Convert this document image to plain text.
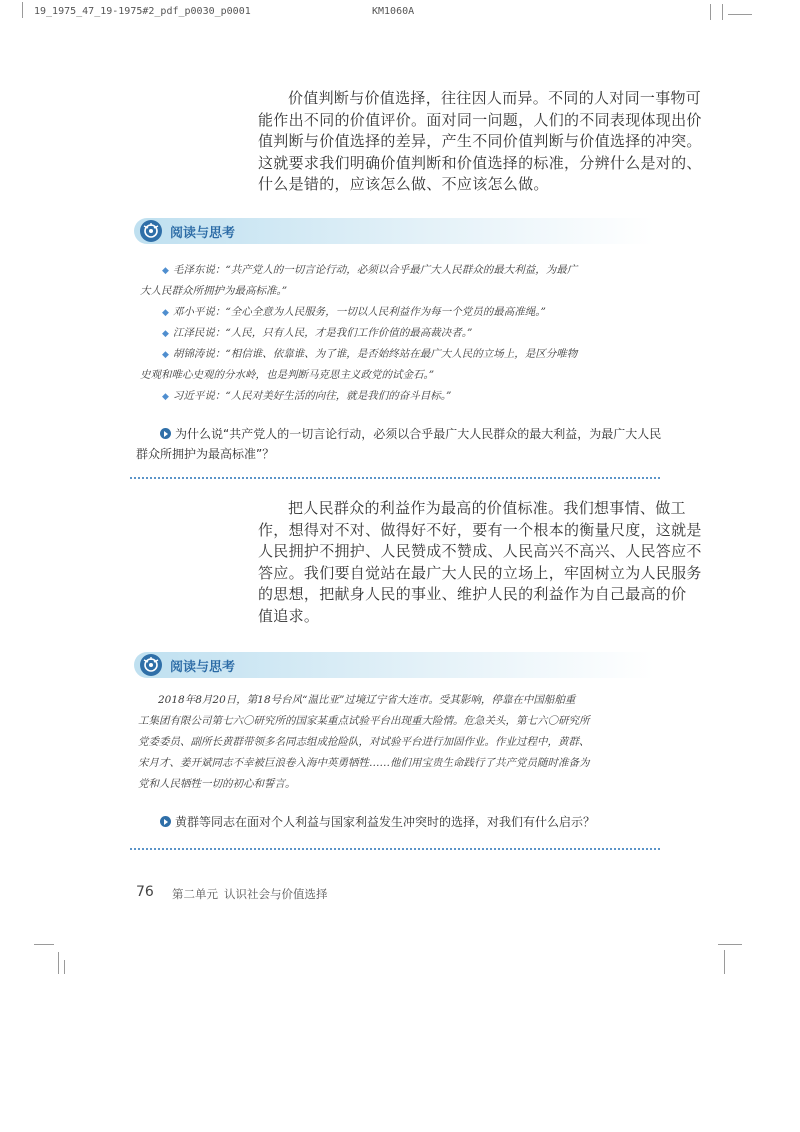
19_1975_47_19-1975#2_pdf_p0030_p0001	KM1060A
价值判断与价值选择，往往因人而异。不同的人对同一事物可
能作出不同的价值评价。面对同一问题，人们的不同表现体现出价
值判断与价值选择的差异，产生不同价值判断与价值选择的冲突。
这就要求我们明确价值判断和价值选择的标准，分辨什么是对的、
什么是错的，应该怎么做、不应该怎么做。
阅读与思考
◆ 毛泽东说：“共产党人的一切言论行动，必须以合乎最广大人民群众的最大利益，为最广
大人民群众所拥护为最高标准。”
◆ 邓小平说：“全心全意为人民服务，一切以人民利益作为每一个党员的最高准绳。”
◆ 江泽民说：“人民，只有人民，才是我们工作价值的最高裁决者。”
◆ 胡锦涛说：“相信谁、依靠谁、为了谁，是否始终站在最广大人民的立场上，是区分唯物
史观和唯心史观的分水岭，也是判断马克思主义政党的试金石。”
◆ 习近平说：“人民对美好生活的向往，就是我们的奋斗目标。”
为什么说“共产党人的一切言论行动，必须以合乎最广大人民群众的最大利益，为最广大人民
群众所拥护为最高标准”？
把人民群众的利益作为最高的价值标准。我们想事情、做工
作，想得对不对、做得好不好，要有一个根本的衡量尺度，这就是
人民拥护不拥护、人民赞成不赞成、人民高兴不高兴、人民答应不
答应。我们要自觉站在最广大人民的立场上，牢固树立为人民服务
的思想，把献身人民的事业、维护人民的利益作为自己最高的价
值追求。
阅读与思考
2018年8月20日，第18号台风“温比亚”过境辽宁省大连市。受其影响，停靠在中国船舶重
工集团有限公司第七六〇研究所的国家某重点试验平台出现重大险情。危急关头，第七六〇研究所
党委委员、副所长黄群带领多名同志组成抢险队，对试验平台进行加固作业。作业过程中，黄群、
宋月才、姜开斌同志不幸被巨浪卷入海中英勇牺牲……他们用宝贵生命践行了共产党员随时准备为
党和人民牺牲一切的初心和誓言。
黄群等同志在面对个人利益与国家利益发生冲突时的选择，对我们有什么启示？
76 第二单元 认识社会与价值选择
